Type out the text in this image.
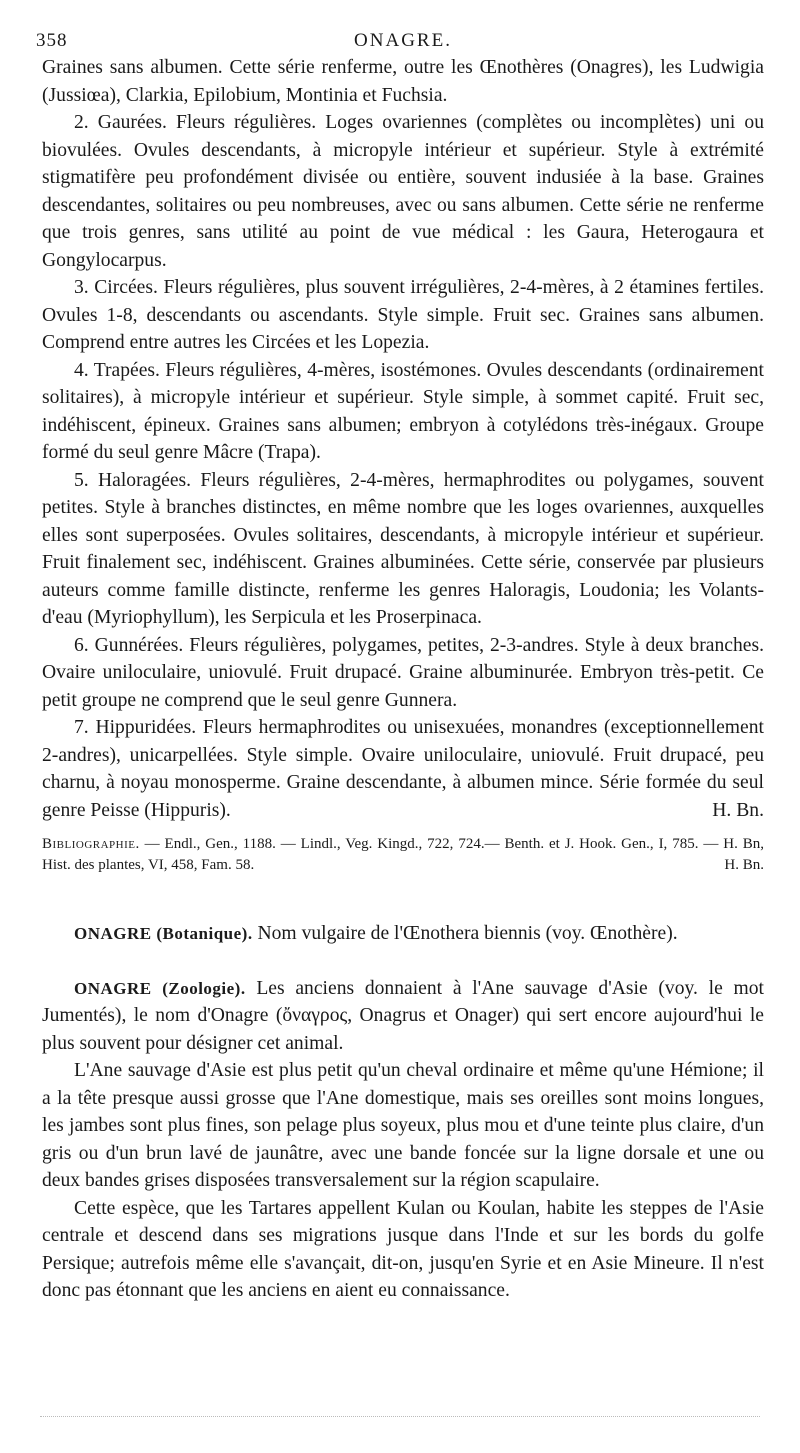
358	ONAGRE.

Graines sans albumen. Cette série renferme, outre les Œnothères (Onagres), les Ludwigia (Jussiœa), Clarkia, Epilobium, Montinia et Fuchsia.

2. Gaurées. Fleurs régulières. Loges ovariennes (complètes ou incomplètes) uni ou biovulées. Ovules descendants, à micropyle intérieur et supérieur. Style à extrémité stigmatifère peu profondément divisée ou entière, souvent indusiée à la base. Graines descendantes, solitaires ou peu nombreuses, avec ou sans albumen. Cette série ne renferme que trois genres, sans utilité au point de vue médical : les Gaura, Heterogaura et Gongylocarpus.

3. Circées. Fleurs régulières, plus souvent irrégulières, 2-4-mères, à 2 étamines fertiles. Ovules 1-8, descendants ou ascendants. Style simple. Fruit sec. Graines sans albumen. Comprend entre autres les Circées et les Lopezia.

4. Trapées. Fleurs régulières, 4-mères, isostémones. Ovules descendants (ordinairement solitaires), à micropyle intérieur et supérieur. Style simple, à sommet capité. Fruit sec, indéhiscent, épineux. Graines sans albumen; embryon à cotylédons très-inégaux. Groupe formé du seul genre Mâcre (Trapa).

5. Haloragées. Fleurs régulières, 2-4-mères, hermaphrodites ou polygames, souvent petites. Style à branches distinctes, en même nombre que les loges ovariennes, auxquelles elles sont superposées. Ovules solitaires, descendants, à micropyle intérieur et supérieur. Fruit finalement sec, indéhiscent. Graines albuminées. Cette série, conservée par plusieurs auteurs comme famille distincte, renferme les genres Haloragis, Loudonia; les Volants-d'eau (Myriophyllum), les Serpicula et les Proserpinaca.

6. Gunnérées. Fleurs régulières, polygames, petites, 2-3-andres. Style à deux branches. Ovaire uniloculaire, uniovulé. Fruit drupacé. Graine albuminurée. Embryon très-petit. Ce petit groupe ne comprend que le seul genre Gunnera.

7. Hippuridées. Fleurs hermaphrodites ou unisexuées, monandres (exceptionnellement 2-andres), unicarpellées. Style simple. Ovaire uniloculaire, uniovulé. Fruit drupacé, peu charnu, à noyau monosperme. Graine descendante, à albumen mince. Série formée du seul genre Peisse (Hippuris).	H. Bn.

Bibliographie. — Endl., Gen., 1188. — Lindl., Veg. Kingd., 722, 724.— Benth. et J. Hook. Gen., I, 785. — H. Bn, Hist. des plantes, VI, 458, Fam. 58.	H. Bn.
ONAGRE (Botanique). Nom vulgaire de l'Œnothera biennis (voy. Œnothère).
ONAGRE (Zoologie). Les anciens donnaient à l'Ane sauvage d'Asie (voy. le mot Jumentés), le nom d'Onagre (ὄναγρος, Onagrus et Onager) qui sert encore aujourd'hui le plus souvent pour désigner cet animal.

L'Ane sauvage d'Asie est plus petit qu'un cheval ordinaire et même qu'une Hémione; il a la tête presque aussi grosse que l'Ane domestique, mais ses oreilles sont moins longues, les jambes sont plus fines, son pelage plus soyeux, plus mou et d'une teinte plus claire, d'un gris ou d'un brun lavé de jaunâtre, avec une bande foncée sur la ligne dorsale et une ou deux bandes grises disposées transversalement sur la région scapulaire.

Cette espèce, que les Tartares appellent Kulan ou Koulan, habite les steppes de l'Asie centrale et descend dans ses migrations jusque dans l'Inde et sur les bords du golfe Persique; autrefois même elle s'avançait, dit-on, jusqu'en Syrie et en Asie Mineure. Il n'est donc pas étonnant que les anciens en aient eu connaissance.
